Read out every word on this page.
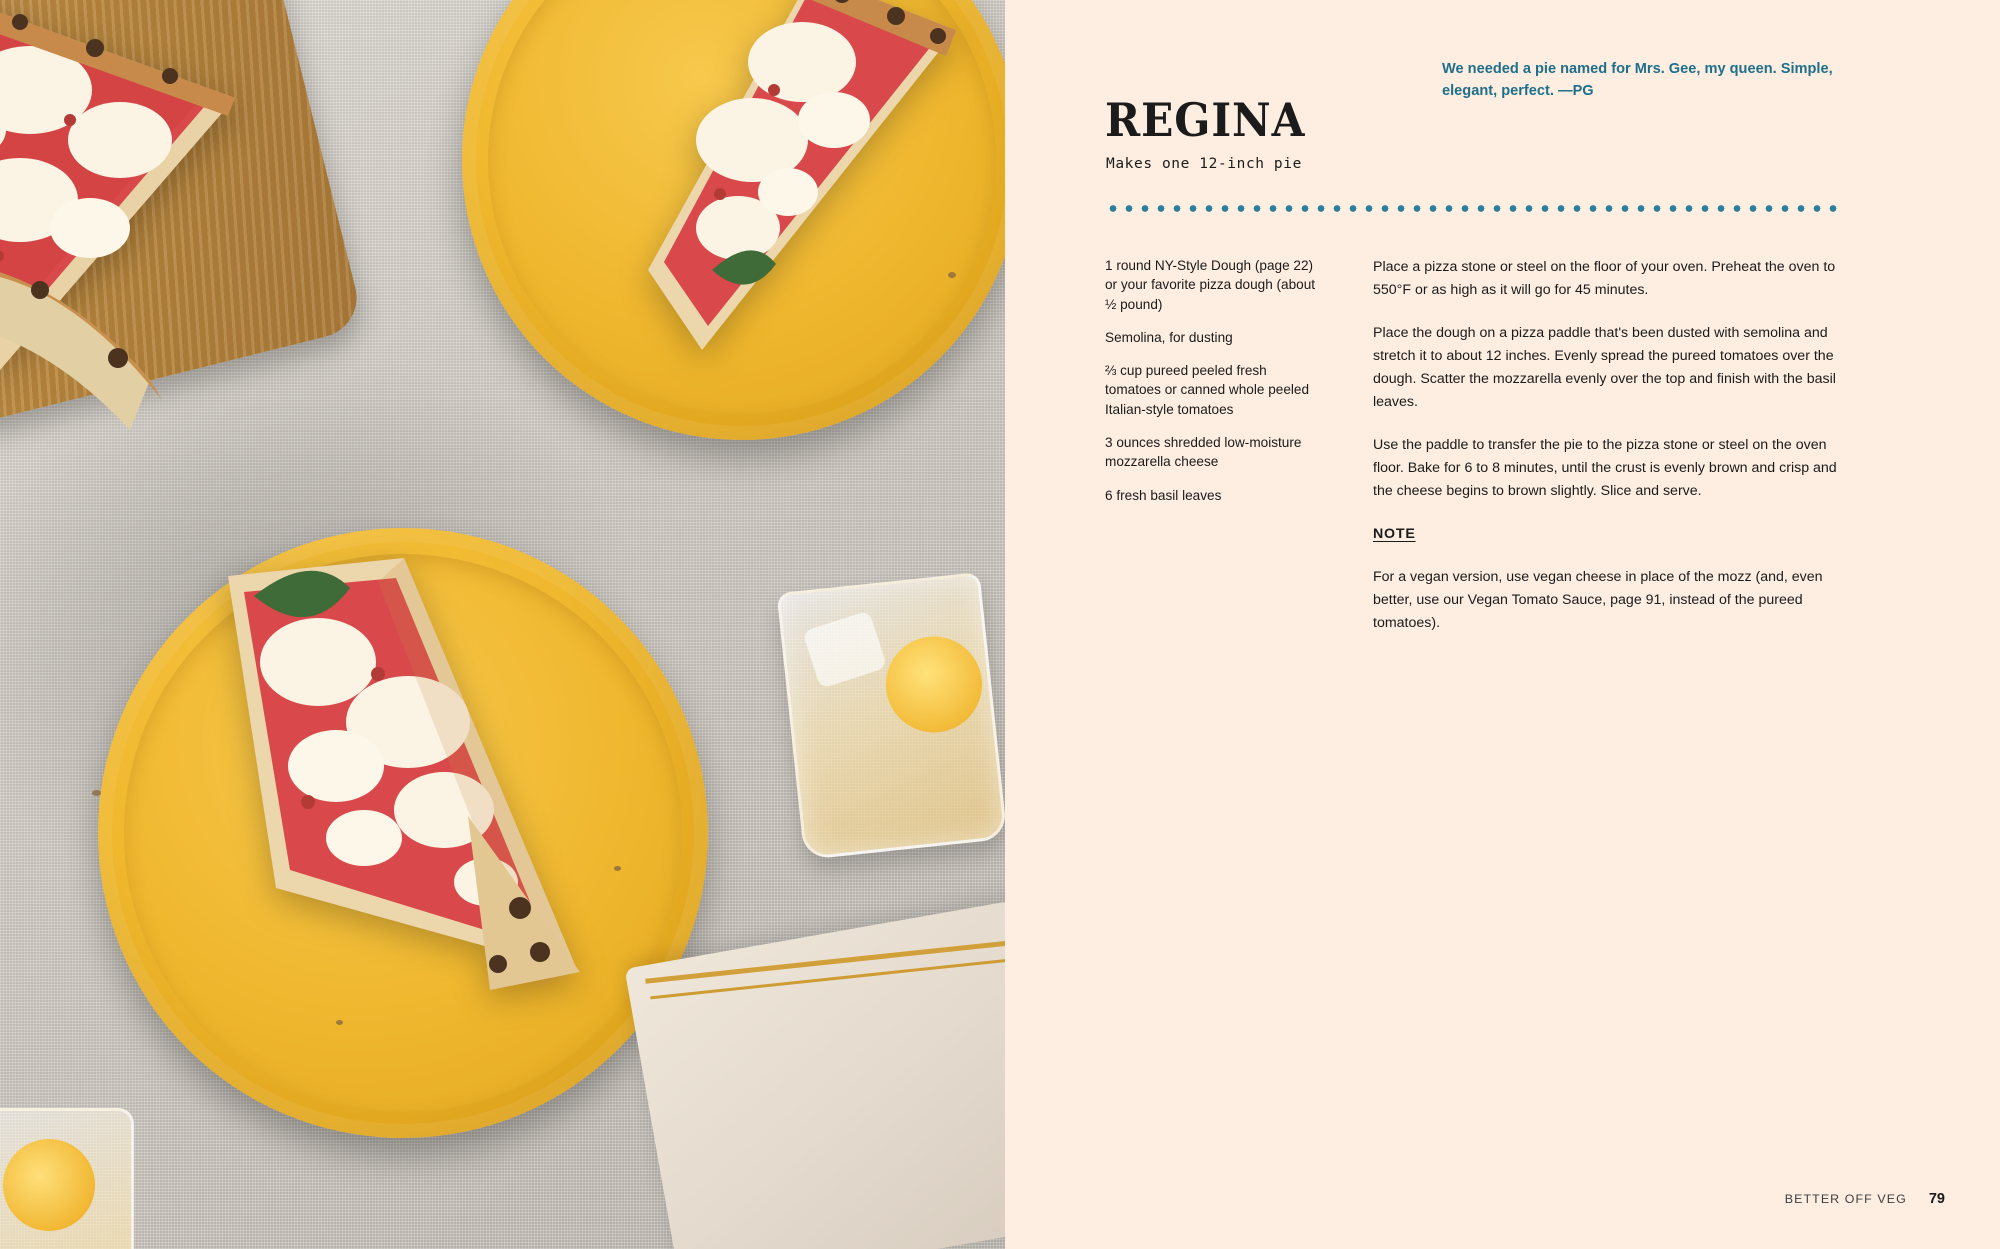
REGINA
Makes one 12-inch pie
We needed a pie named for Mrs. Gee, my queen. Simple, elegant, perfect. —PG

1 round NY-Style Dough (page 22) or your favorite pizza dough (about ½ pound)

Semolina, for dusting

⅔ cup pureed peeled fresh tomatoes or canned whole peeled Italian-style tomatoes

3 ounces shredded low-moisture mozzarella cheese

6 fresh basil leaves

Place a pizza stone or steel on the floor of your oven. Preheat the oven to 550°F or as high as it will go for 45 minutes.

Place the dough on a pizza paddle that's been dusted with semolina and stretch it to about 12 inches. Evenly spread the pureed tomatoes over the dough. Scatter the mozzarella evenly over the top and finish with the basil leaves.

Use the paddle to transfer the pie to the pizza stone or steel on the oven floor. Bake for 6 to 8 minutes, until the crust is evenly brown and crisp and the cheese begins to brown slightly. Slice and serve.

NOTE

For a vegan version, use vegan cheese in place of the mozz (and, even better, use our Vegan Tomato Sauce, page 91, instead of the pureed tomatoes).

BETTER OFF VEG 79
